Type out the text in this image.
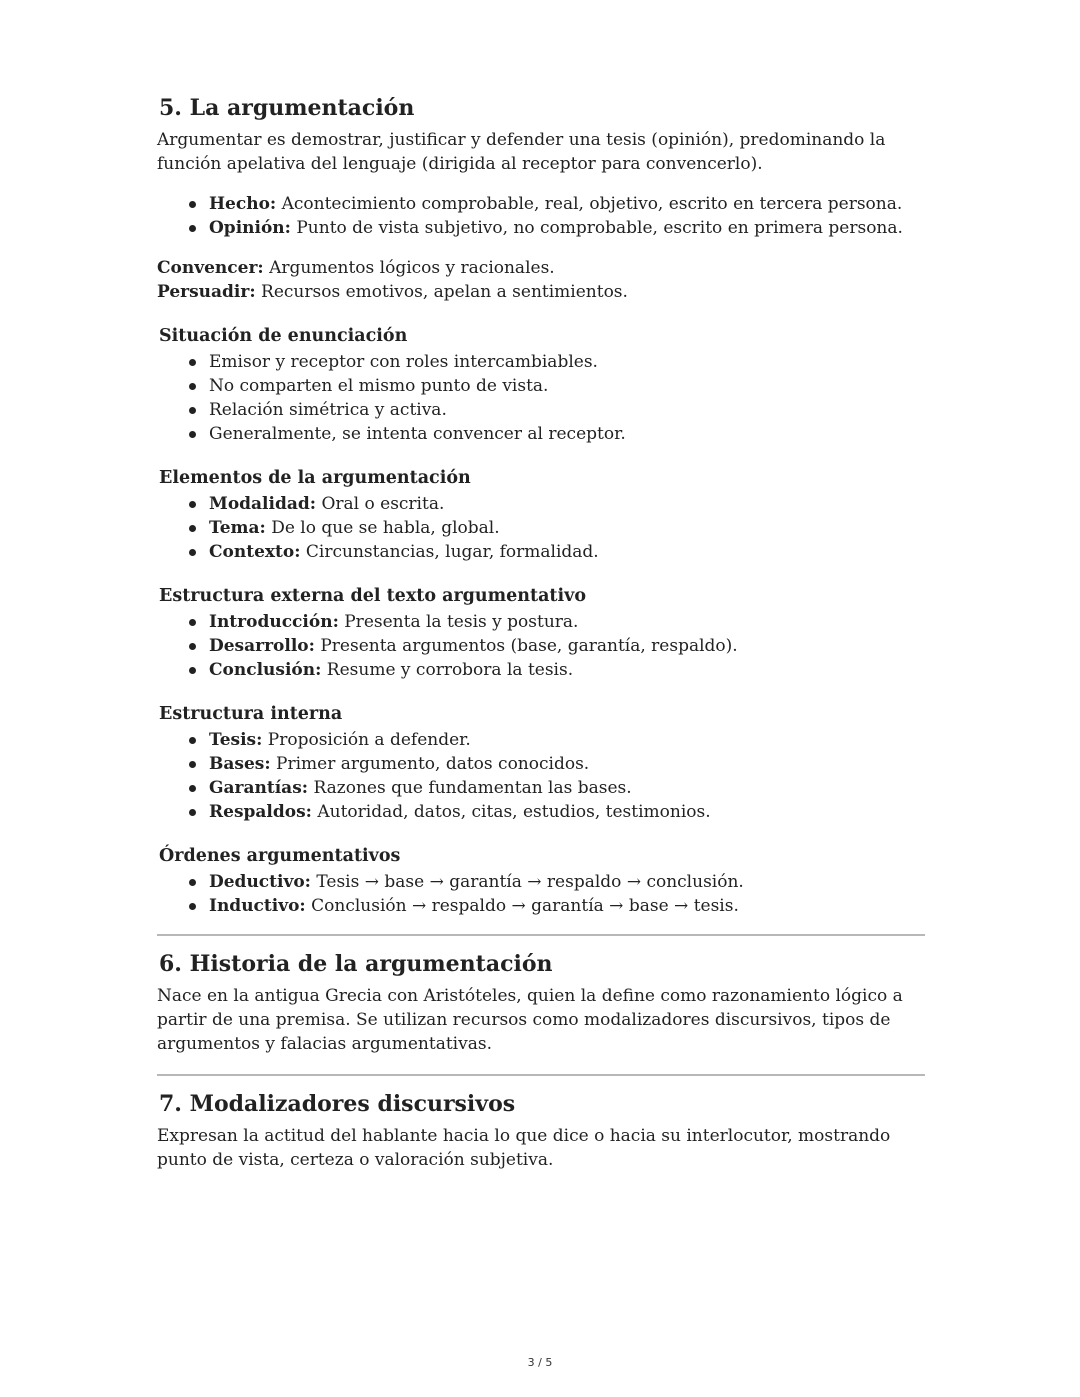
5. La argumentación

Argumentar es demostrar, justificar y defender una tesis (opinión), predominando la función apelativa del lenguaje (dirigida al receptor para convencerlo).

Hecho: Acontecimiento comprobable, real, objetivo, escrito en tercera persona.
Opinión: Punto de vista subjetivo, no comprobable, escrito en primera persona.

Convencer: Argumentos lógicos y racionales.

Persuadir: Recursos emotivos, apelan a sentimientos.

Situación de enunciación
Emisor y receptor con roles intercambiables.
No comparten el mismo punto de vista.
Relación simétrica y activa.
Generalmente, se intenta convencer al receptor.
Elementos de la argumentación
Modalidad: Oral o escrita.
Tema: De lo que se habla, global.
Contexto: Circunstancias, lugar, formalidad.
Estructura externa del texto argumentativo
Introducción: Presenta la tesis y postura.
Desarrollo: Presenta argumentos (base, garantía, respaldo).
Conclusión: Resume y corrobora la tesis.
Estructura interna
Tesis: Proposición a defender.
Bases: Primer argumento, datos conocidos.
Garantías: Razones que fundamentan las bases.
Respaldos: Autoridad, datos, citas, estudios, testimonios.
Órdenes argumentativos
Deductivo: Tesis → base → garantía → respaldo → conclusión.
Inductivo: Conclusión → respaldo → garantía → base → tesis.
6. Historia de la argumentación

Nace en la antigua Grecia con Aristóteles, quien la define como razonamiento lógico a partir de una premisa. Se utilizan recursos como modalizadores discursivos, tipos de argumentos y falacias argumentativas.

7. Modalizadores discursivos

Expresan la actitud del hablante hacia lo que dice o hacia su interlocutor, mostrando punto de vista, certeza o valoración subjetiva.

3 / 5
